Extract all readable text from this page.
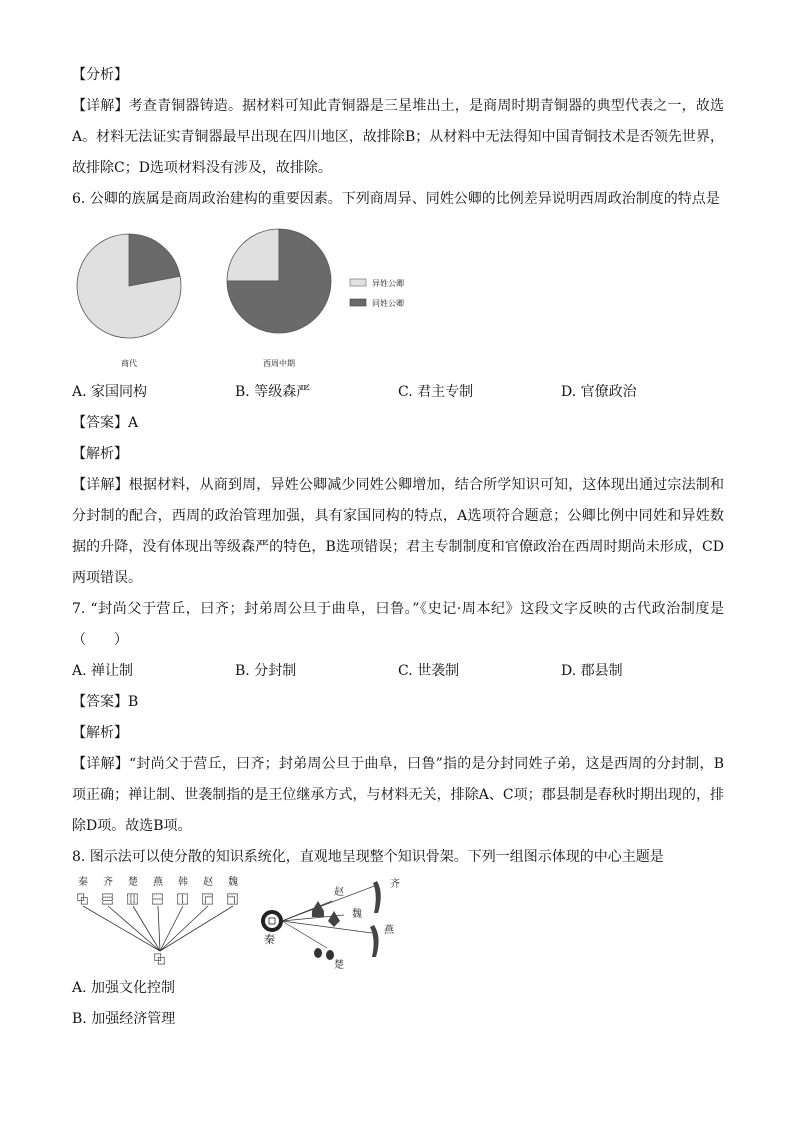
【分析】
【详解】考查青铜器铸造。据材料可知此青铜器是三星堆出土，是商周时期青铜器的典型代表之一，故选A。材料无法证实青铜器最早出现在四川地区，故排除B；从材料中无法得知中国青铜技术是否领先世界，故排除C；D选项材料没有涉及，故排除。
6. 公卿的族属是商周政治建构的重要因素。下列商周异、同姓公卿的比例差异说明西周政治制度的特点是
商代	西周中期
异姓公卿
同姓公卿
A. 家国同构	B. 等级森严	C. 君主专制	D. 官僚政治
【答案】A
【解析】
【详解】根据材料，从商到周，异姓公卿减少同姓公卿增加，结合所学知识可知，这体现出通过宗法制和分封制的配合，西周的政治管理加强，具有家国同构的特点，A选项符合题意；公卿比例中同姓和异姓数据的升降，没有体现出等级森严的特色，B选项错误；君主专制制度和官僚政治在西周时期尚未形成，CD两项错误。
7. “封尚父于营丘，曰齐；封弟周公旦于曲阜，曰鲁。”《史记·周本纪》这段文字反映的古代政治制度是（　　）
A. 禅让制	B. 分封制	C. 世袭制	D. 郡县制
【答案】B
【解析】
【详解】“封尚父于营丘，曰齐；封弟周公旦于曲阜，曰鲁”指的是分封同姓子弟，这是西周的分封制，B项正确；禅让制、世袭制指的是王位继承方式，与材料无关，排除A、C项；郡县制是春秋时期出现的，排除D项。故选B项。
8. 图示法可以使分散的知识系统化，直观地呈现整个知识骨架。下列一组图示体现的中心主题是
秦 齐 楚 燕 韩 赵 魏
⿻ ⿳ ⿲ ⿱ ⿰ ⿸ ⿹
⿻
秦
赵
齐
魏
燕
楚
A. 加强文化控制
B. 加强经济管理
